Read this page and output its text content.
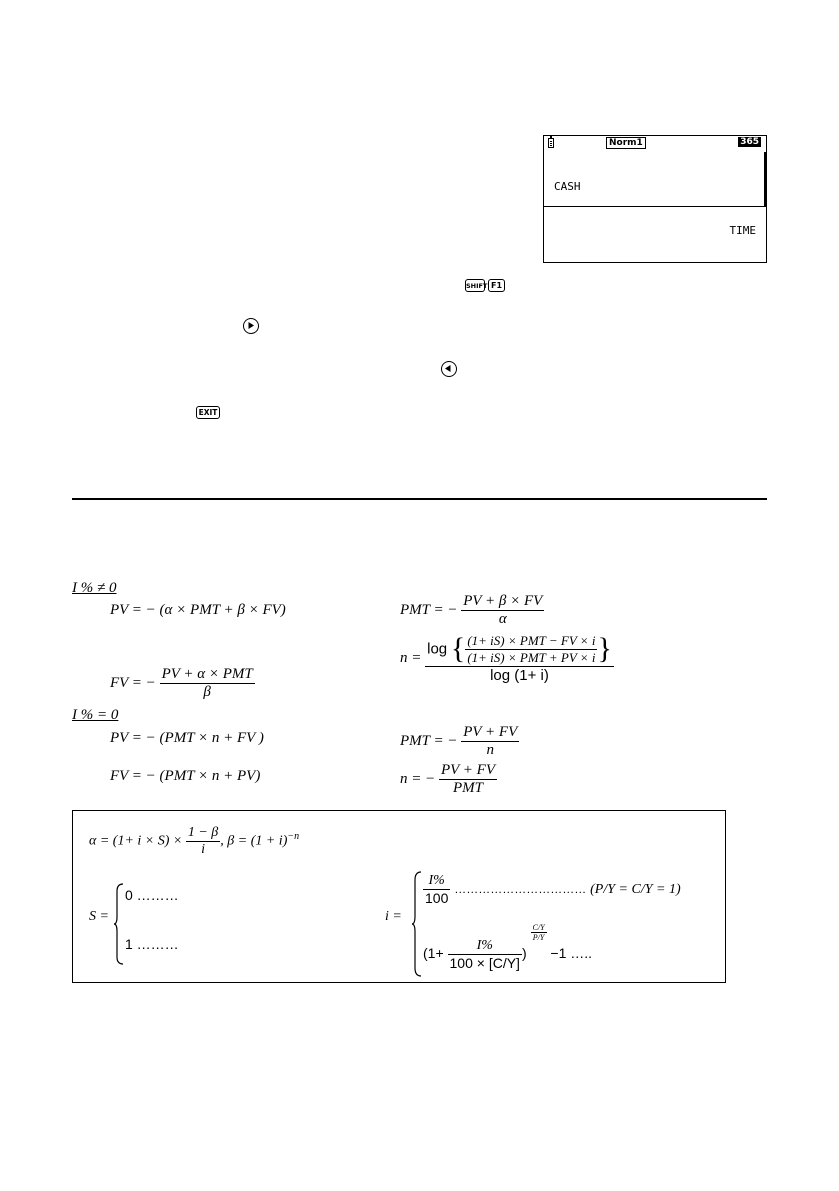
Norm1	365
CASH
TIME
SHIFT F1
EXIT
I % ≠ 0
PV = − (α × PMT + β × FV)	PMT = − $\frac{PV + \beta \times FV}{\alpha}$
FV = − $\frac{\text{PV + α × PMT}}{\beta}$
$n = \frac{\log \{ \frac{\text{(1+ iS) × PMT − FV × i}}{\text{(1+ iS) × PMT + PV × i}} \}}{\log (1+ i)}$
I % = 0
PV = − (PMT × n + FV )	PMT = − $\frac{PV + FV}{n}$
FV = − (PMT × n + PV)	n = − $\frac{PV + FV}{\text{PMT}}$
$\alpha = (1+ i \times S) \times \frac{1 - \beta}{i}$ , $\beta = (1 + i)^{-n}$
S =
0 ………
1 ………
i =
$\frac{I\%}{100}$ …………………………… (P/Y = C/Y = 1)
($1+ \frac{I\%}{100 \times [C/Y]}$ )
$\frac{C/Y}{P/Y}$
−1 …..
